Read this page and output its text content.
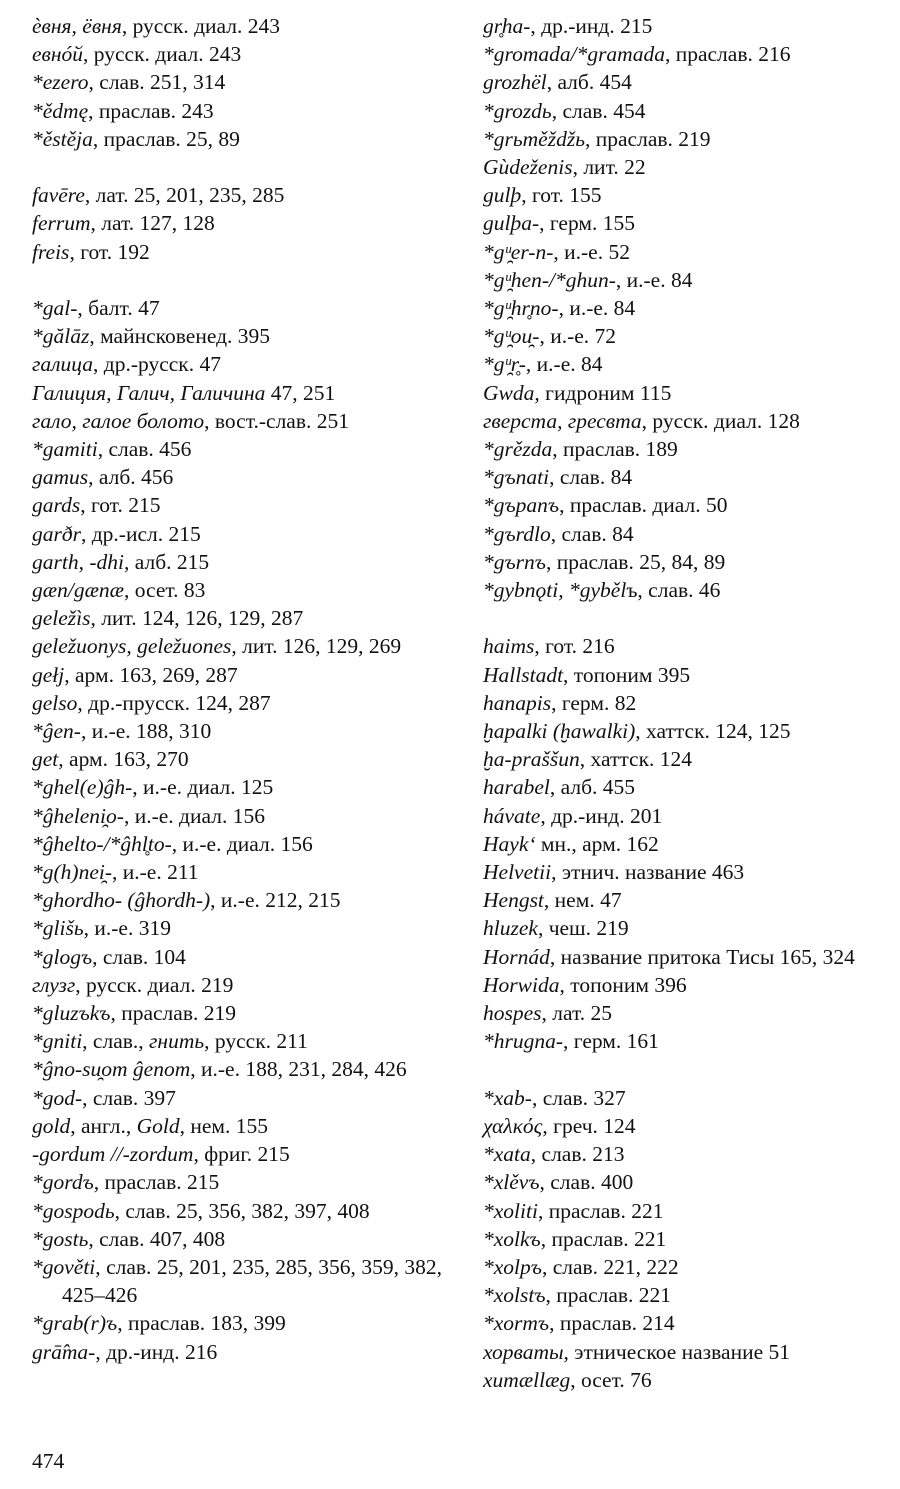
èвня, ёвня, русск. диал. 243
евнóй, русск. диал. 243
*ezero, слав. 251, 314
*ědmę, праслав. 243
*ěstěja, праслав. 25, 89
favēre, лат. 25, 201, 235, 285
ferrum, лат. 127, 128
freis, гот. 192
*gal-, балт. 47
*gălāz, майнсковенед. 395
галица, др.-русск. 47
Галиция, Галич, Галичина 47, 251
гало, галое болото, вост.-слав. 251
*gamiti, слав. 456
gamus, алб. 456
gards, гот. 215
garðr, др.-исл. 215
garth, -dhi, алб. 215
gæn/gænæ, осет. 83
geležìs, лит. 124, 126, 129, 287
geležuonys, geležuones, лит. 126, 129, 269
gełj, арм. 163, 269, 287
gelso, др.-прусск. 124, 287
*ĝen-, и.-е. 188, 310
get, арм. 163, 270
*ghel(e)ĝh-, и.-е. диал. 125
*ĝheleni̯o-, и.-е. диал. 156
*ĝhelto-/*ĝhl̥to-, и.-е. диал. 156
*g(h)nei̯-, и.-е. 211
*ghordho- (ĝhordh-), и.-е. 212, 215
*glišь, и.-е. 319
*glogъ, слав. 104
глузг, русск. диал. 219
*gluzъkъ, праслав. 219
*gniti, слав., гнить, русск. 211
*ĝno-su̯om ĝenom, и.-е. 188, 231, 284, 426
*god-, слав. 397
gold, англ., Gold, нем. 155
-gordum //-zordum, фриг. 215
*gordъ, праслав. 215
*gospodь, слав. 25, 356, 382, 397, 408
*gostь, слав. 407, 408
*gověti, слав. 25, 201, 235, 285, 356, 359, 382, 425–426
*grab(r)ъ, праслав. 183, 399
grā̂ma-, др.-инд. 216
gr̥ha-, др.-инд. 215
*gromada/*gramada, праслав. 216
grozhël, алб. 454
*grozdь, слав. 454
*grьměždžь, праслав. 219
Gùdeženis, лит. 22
gulþ, гот. 155
gulþa-, герм. 155
*gᵘ̯er-n-, и.-е. 52
*gᵘ̯hen-/*ghun-, и.-е. 84
*gᵘ̯hr̥no-, и.-е. 84
*gᵘ̯ou̯-, и.-е. 72
*gᵘ̯r̥-, и.-е. 84
Gwda, гидроним 115
гверста, гресвта, русск. диал. 128
*grězda, праслав. 189
*gъnati, слав. 84
*gъpanъ, праслав. диал. 50
*gъrdlo, слав. 84
*gъrnъ, праслав. 25, 84, 89
*gybnǫti, *gybělъ, слав. 46
haims, гот. 216
Hallstadt, топоним 395
hanapis, герм. 82
ḫapalki (ḫawalki), хаттск. 124, 125
ḫa-praššun, хаттск. 124
harabel, алб. 455
hávate, др.-инд. 201
Hayk‘ мн., арм. 162
Helvetii, этнич. название 463
Hengst, нем. 47
hluzek, чеш. 219
Hornád, название притока Тисы 165, 324
Horwida, топоним 396
hospes, лат. 25
*hrugna-, герм. 161
*xab-, слав. 327
χαλκός, греч. 124
*xata, слав. 213
*xlěvъ, слав. 400
*xoliti, праслав. 221
*xolkъ, праслав. 221
*xolpъ, слав. 221, 222
*xolstъ, праслав. 221
*xormъ, праслав. 214
хорваты, этническое название 51
xumællæg, осет. 76
474
